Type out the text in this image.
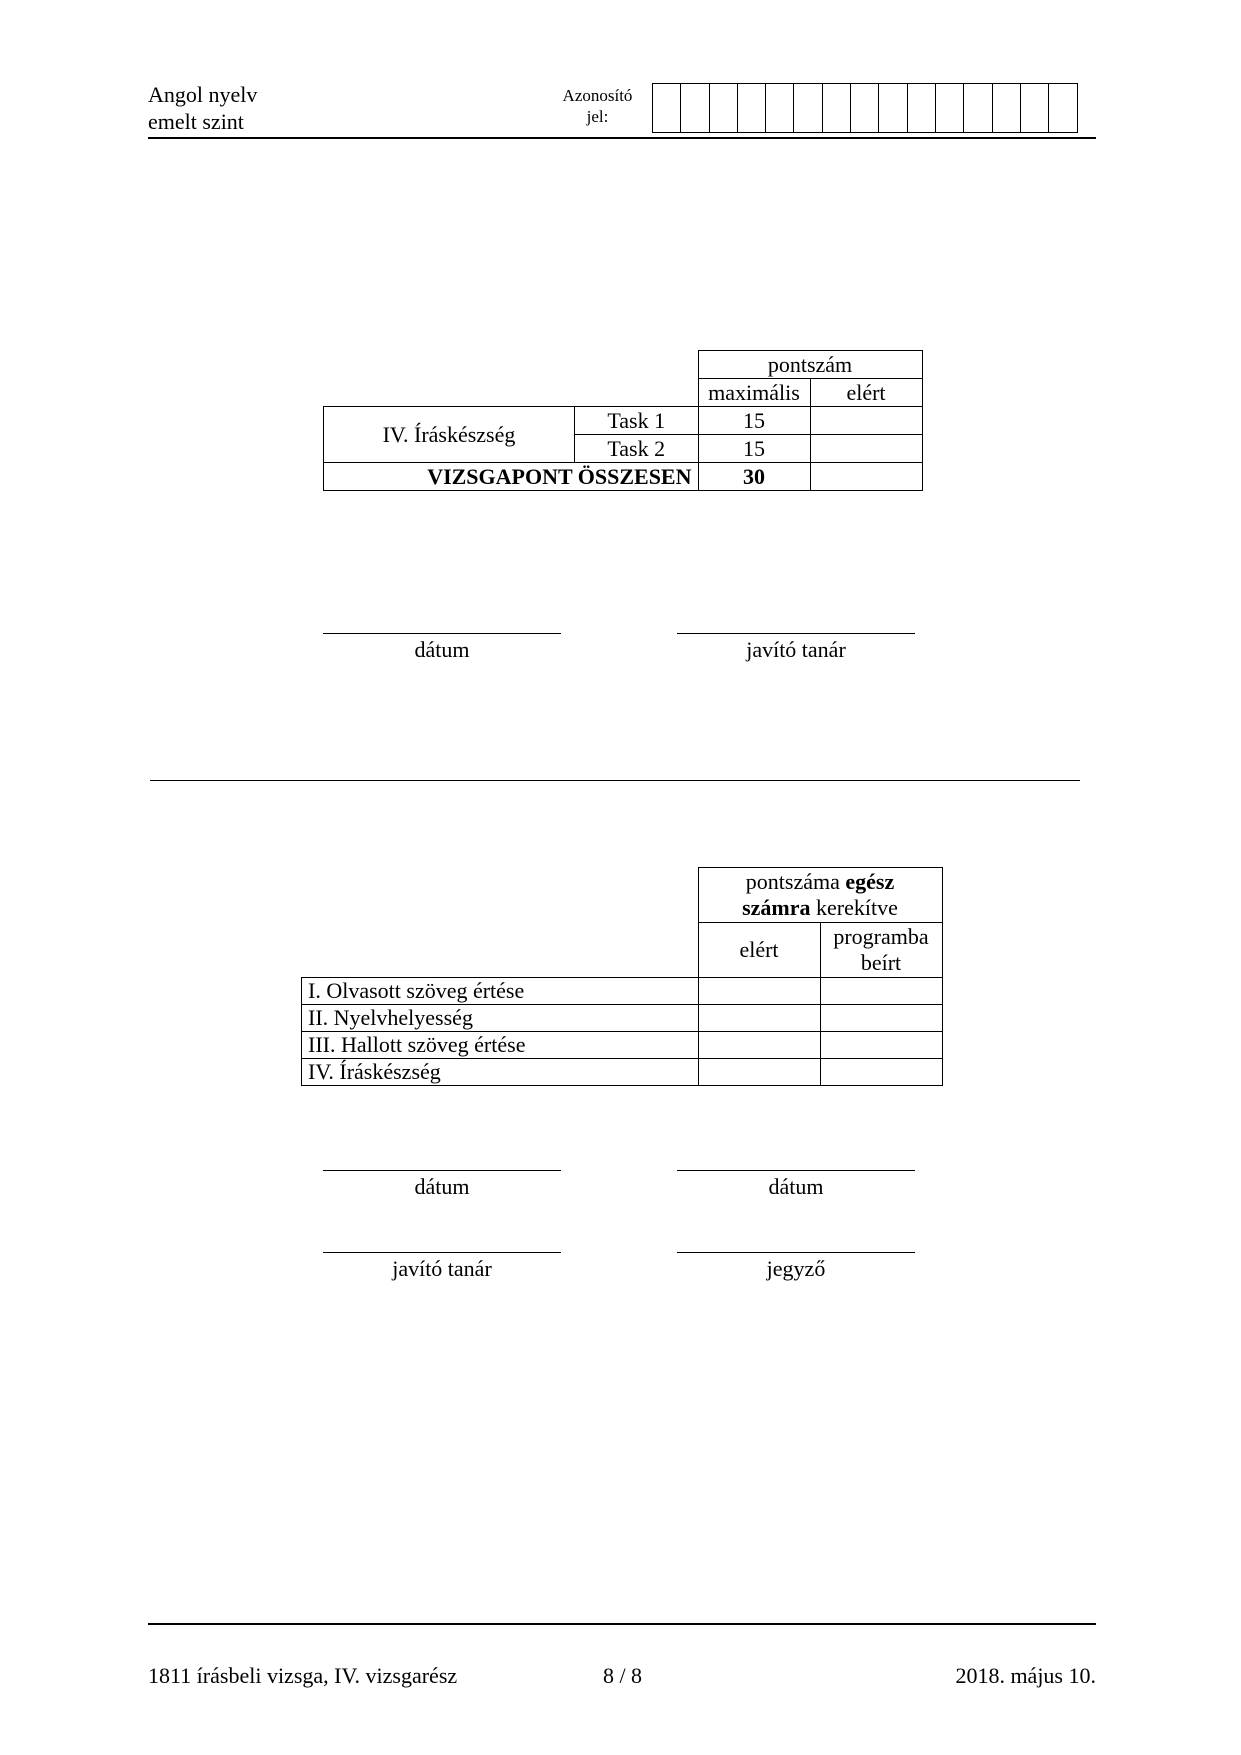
Angol nyelv
emelt szint
Azonosító
jel:
		pontszám	
		maximális	elért
IV. Íráskészség	Task 1	15	
	Task 2	15	
VIZSGAPONT ÖSSZESEN		30	
dátum	javító tanár
	pontszáma egész
számra kerekítve	
	elért	programba
beírt
I. Olvasott szöveg értése		
II. Nyelvhelyesség		
III. Hallott szöveg értése		
IV. Íráskészség		
dátum	dátum
javító tanár	jegyző
1811 írásbeli vizsga, IV. vizsgarész	8 / 8	2018. május 10.
